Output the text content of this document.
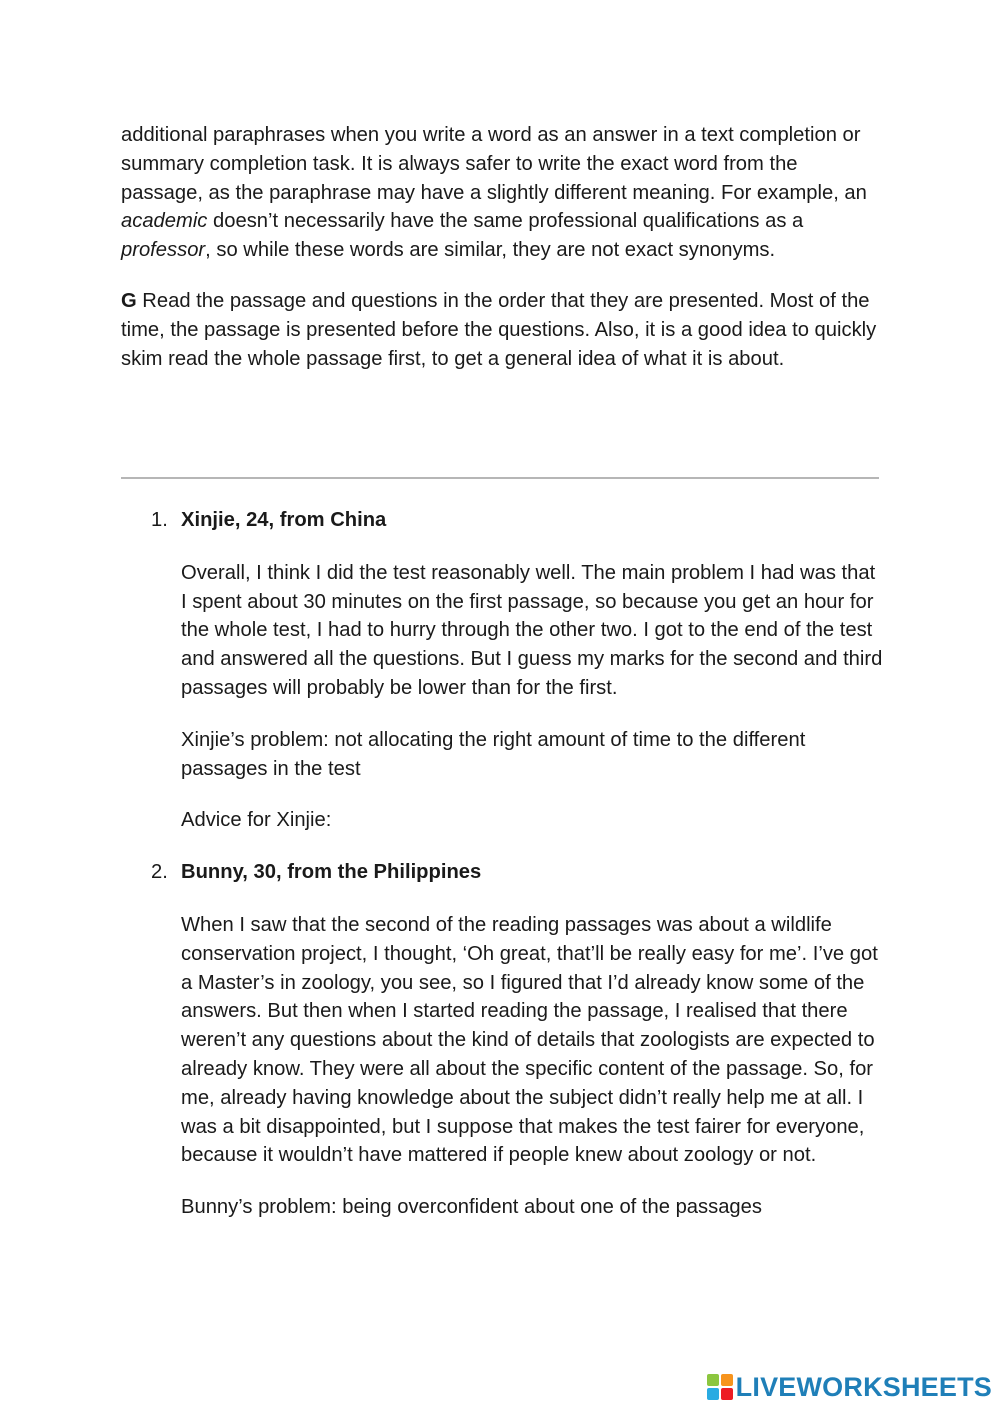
additional paraphrases when you write a word as an answer in a text completion or summary completion task. It is always safer to write the exact word from the passage, as the paraphrase may have a slightly different meaning. For example, an academic doesn’t necessarily have the same professional qualifications as a professor, so while these words are similar, they are not exact synonyms.

G Read the passage and questions in the order that they are presented. Most of the time, the passage is presented before the questions. Also, it is a good idea to quickly skim read the whole passage first, to get a general idea of what it is about.

1. Xinjie, 24, from China

Overall, I think I did the test reasonably well. The main problem I had was that I spent about 30 minutes on the first passage, so because you get an hour for the whole test, I had to hurry through the other two. I got to the end of the test and answered all the questions. But I guess my marks for the second and third passages will probably be lower than for the first.

Xinjie’s problem: not allocating the right amount of time to the different passages in the test

Advice for Xinjie:

2. Bunny, 30, from the Philippines

When I saw that the second of the reading passages was about a wildlife conservation project, I thought, ‘Oh great, that’ll be really easy for me’. I’ve got a Master’s in zoology, you see, so I figured that I’d already know some of the answers. But then when I started reading the passage, I realised that there weren’t any questions about the kind of details that zoologists are expected to already know. They were all about the specific content of the passage. So, for me, already having knowledge about the subject didn’t really help me at all. I was a bit disappointed, but I suppose that makes the test fairer for everyone, because it wouldn’t have mattered if people knew about zoology or not.

Bunny’s problem: being overconfident about one of the passages

LIVEWORKSHEETS
